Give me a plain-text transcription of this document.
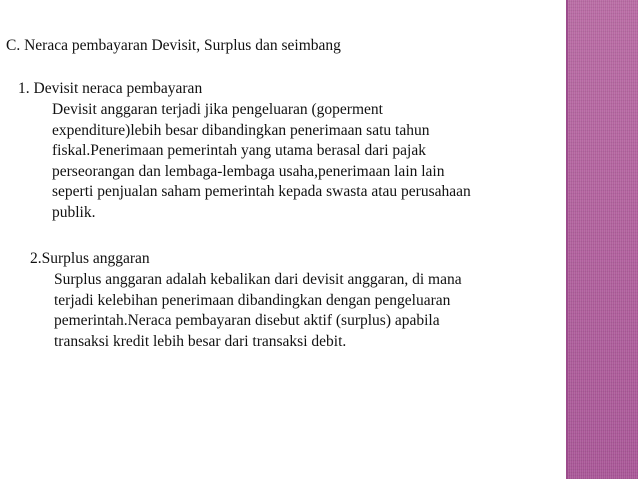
C. Neraca pembayaran Devisit, Surplus dan seimbang
1. Devisit neraca pembayaran
Devisit anggaran terjadi jika pengeluaran (goperment
expenditure)lebih besar dibandingkan penerimaan satu tahun
fiskal.Penerimaan pemerintah yang utama berasal dari pajak
perseorangan dan lembaga-lembaga usaha,penerimaan lain lain
seperti penjualan saham pemerintah kepada swasta atau perusahaan
publik.
2.Surplus anggaran
Surplus anggaran adalah kebalikan dari devisit anggaran, di mana
terjadi kelebihan penerimaan dibandingkan dengan pengeluaran
pemerintah.Neraca pembayaran disebut aktif (surplus) apabila
transaksi kredit lebih besar dari transaksi debit.
